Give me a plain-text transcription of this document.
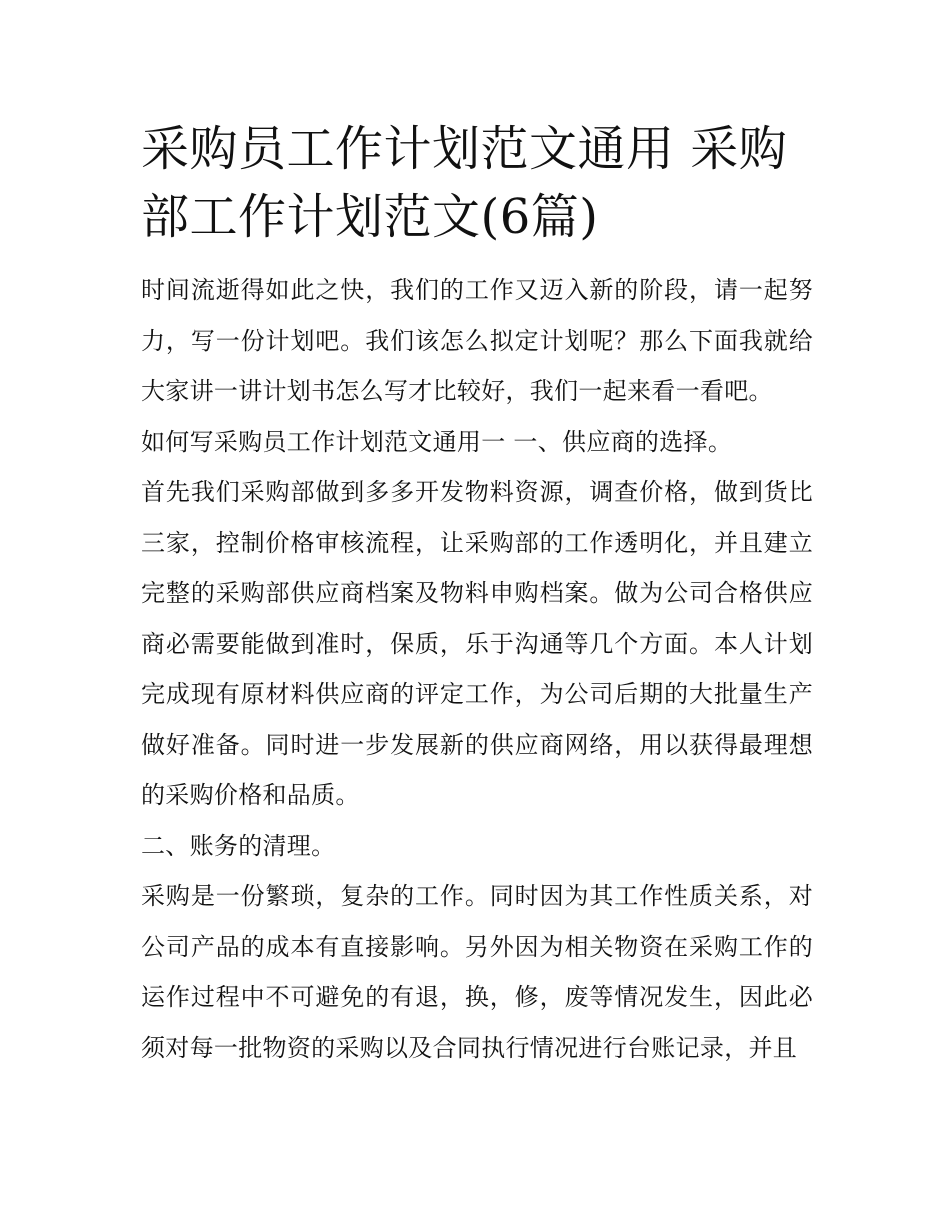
采购员工作计划范文通用 采购部工作计划范文(6篇)

时间流逝得如此之快，我们的工作又迈入新的阶段，请一起努力，写一份计划吧。我们该怎么拟定计划呢？那么下面我就给大家讲一讲计划书怎么写才比较好，我们一起来看一看吧。

如何写采购员工作计划范文通用一 一、供应商的选择。

首先我们采购部做到多多开发物料资源，调查价格，做到货比三家，控制价格审核流程，让采购部的工作透明化，并且建立完整的采购部供应商档案及物料申购档案。做为公司合格供应商必需要能做到准时，保质，乐于沟通等几个方面。本人计划完成现有原材料供应商的评定工作，为公司后期的大批量生产做好准备。同时进一步发展新的供应商网络，用以获得最理想的采购价格和品质。

二、账务的清理。

采购是一份繁琐，复杂的工作。同时因为其工作性质关系，对公司产品的成本有直接影响。另外因为相关物资在采购工作的运作过程中不可避免的有退，换，修，废等情况发生，因此必须对每一批物资的采购以及合同执行情况进行台账记录，并且
